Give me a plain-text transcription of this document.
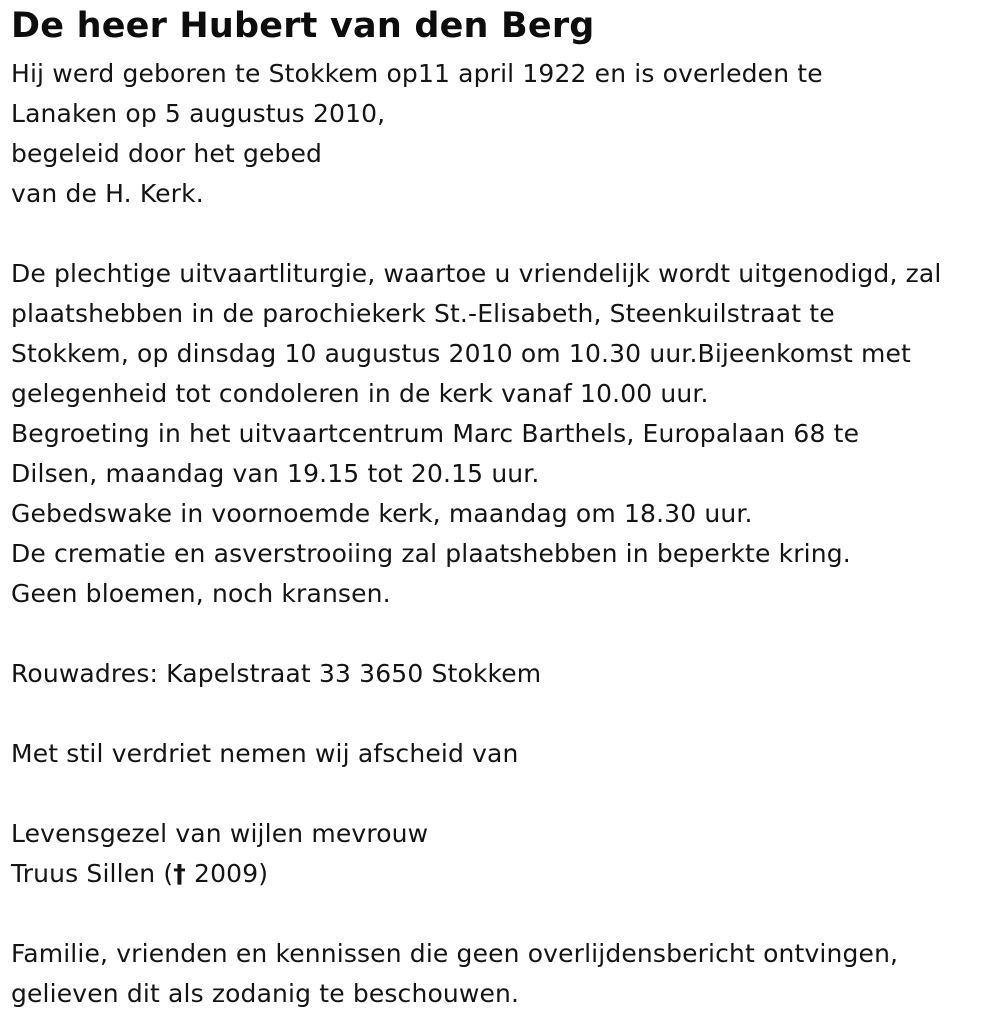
De heer Hubert van den Berg
Hij werd geboren te Stokkem op11 april 1922 en is overleden te
Lanaken op 5 augustus 2010,
begeleid door het gebed
van de H. Kerk.
De plechtige uitvaartliturgie, waartoe u vriendelijk wordt uitgenodigd, zal
plaatshebben in de parochiekerk St.-Elisabeth, Steenkuilstraat te
Stokkem, op dinsdag 10 augustus 2010 om 10.30 uur.Bijeenkomst met
gelegenheid tot condoleren in de kerk vanaf 10.00 uur.
Begroeting in het uitvaartcentrum Marc Barthels, Europalaan 68 te
Dilsen, maandag van 19.15 tot 20.15 uur.
Gebedswake in voornoemde kerk, maandag om 18.30 uur.
De crematie en asverstrooiing zal plaatshebben in beperkte kring.
Geen bloemen, noch kransen.
Rouwadres: Kapelstraat 33 3650 Stokkem
Met stil verdriet nemen wij afscheid van
Levensgezel van wijlen mevrouw
Truus Sillen († 2009)
Familie, vrienden en kennissen die geen overlijdensbericht ontvingen,
gelieven dit als zodanig te beschouwen.
